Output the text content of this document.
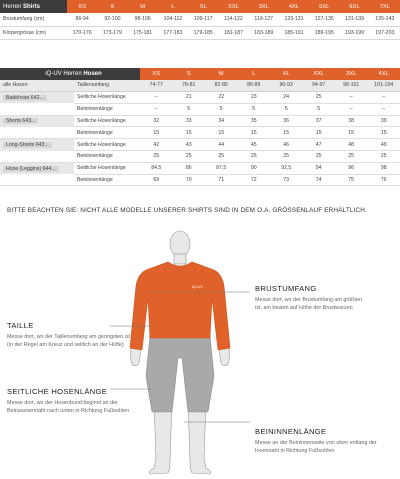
Herren Shirts	XS	S	M	L	XL	XXL	3XL	4XL	5XL	6XL	7XL
Brustumfang (cm)	86-94	92-100	98-106	104-112	109-117	114-122	119-127	123-131	127-135	131-139	135-143
Körpergrösse (cm)	170-176	173-179	175-181	177-183	179-185	181-187	183-189	185-191	189-195	193-199	197-203
	iQ-UV Herren Hosen		XS	S	M	L	XL	XXL	3XL	4XL
alle Hosen		Taillenumfang	74-77	78-81	82-85	86-89	90-93	94-97	98-101	101-104
Badehose 642...		Seitliche Hosenlänge	–	21	22	23	24	25	–	–
		Beininnenlänge	–	5	5	5	5	5	–	–
Shorts 643...		Seitliche Hosenlänge	32	33	34	35	36	37	38	39
		Beininnenlänge	15	15	15	15	15	15	15	15
Long-Shorts 643...		Seitliche Hosenlänge	42	43	44	45	46	47	48	49
		Beininnenlänge	25	25	25	25	25	25	25	25
Hose (Leggins) 644...		Seitliche Hosenlänge	84,5	86	87,5	90	92,5	94	96	98
		Beininnenlänge	69	70	71	72	73	74	75	76
BITTE BEACHTEN SIE: NICHT ALLE MODELLE UNSERER SHIRTS SIND IN DEM O.A. GRÖSSENLAUF ERHÄLTLICH.
iQ-UV	BRUSTUMFANG
Messe dort, wo der Brustumfang am größten ist, am besten auf Höhe der Brustwarzen
TAILLE
Messe dort, wo der Taillenumfang am geringsten ist (in der Regel am Kreuz und seitlich an der Hüfte)
SEITLICHE HOSENLÄNGE
Messe dort, wo der Hosenbund beginnt an der Beinaussennaht nach unten in Richtung Fußsohlen
BEININNENLÄNGE
Messe an der Beininnenseite von oben entlang der Innennaht in Richtung Fußsohlen
